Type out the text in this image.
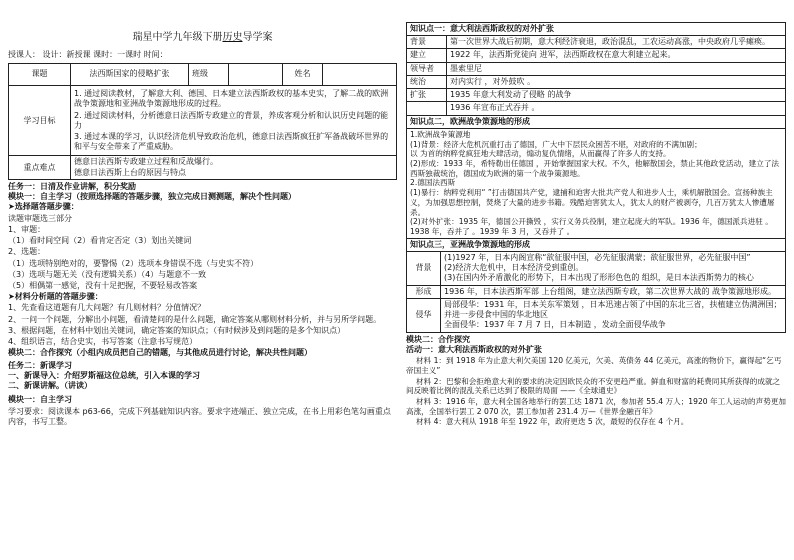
瑞星中学九年级下册历史导学案
授课人： 设计：新授课 课时：一课时 时间：
课题	法西斯国家的侵略扩张	班级		姓名	
学习目标	1. 通过阅读教材，了解意大利、德国、日本建立法西斯政权的基本史实，了解二战的欧洲战争策源地和亚洲战争策源地形成的过程。
2. 通过阅读材料，分析德意日法西斯专政建立的背景，养成客观分析和认识历史问题的能力
3. 通过本课的学习，认识经济危机导致政治危机，德意日法西斯疯狂扩军备战破坏世界的和平与安全带来了严重威胁。				

重点难点	德意日法西斯专政建立过程和反战爆行。
德意日法西斯上台的原因与特点				
任务一：日清及作业讲解，积分奖励
模块一：自主学习（按照选择题的答题步骤，独立完成日测测题，解决个性问题）
➤选择题答题步骤：
读题审题选三部分
1、审题：
（1）看时间空间（2）看肯定否定（3）划出关键词
2、选题：
（1）选项特别绝对的，要警惕（2）选项本身错误不选（与史实不符）
（3）选项与题无关（没有逻辑关系）（4）与题意不一致
（5）相偶第一感觉，没有十足把握，不要轻易改答案
➤材料分析题的答题步骤：
1、先查看这道题有几大问题？有几则材料？分值情况？
2、一问一个问题，分解出小问题，看清楚问的是什么问题，确定答案从哪则材料分析，并与另所学问题。
3、根据问题，在材料中划出关键词，确定答案的知识点；（有时候涉及到问题的是多个知识点）
4、组织语言，结合史实，书写答案（注意书写规范）
模块二：合作探究（小组内成员把自己的错题，与其他成员进行讨论，解决共性问题）
任务二：新课学习
一、新课导入：介绍罗斯福这位总统，引入本课的学习
二、新课讲解。（讲读）
模块一：自主学习
学习要求：阅读课本 p63-66，完成下列基础知识内容。要求字迹端正、独立完成，在书上用彩色笔勾画重点内容，书写工整。
知识点一：意大利法西斯政权的对外扩张	
背景	第一次世界大战后初期，意大利经济衰退，政治混乱，工农运动高涨，中央政府几乎瘫痪。
建立	1922 年，法西斯党徒向 进军，法西斯政权在意大利建立起来。
领导者	墨索里尼
统治	对内实行 ，对外鼓吹 。
扩张	1935 年意大利发动了侵略 的战争
	1936 年宣布正式吞并 。
知识点二，欧洲战争策源地的形成
1.欧洲战争策源地
(1)背景：经济大危机沉重打击了德国，广大中下层民众困苦不堪，对政府的不满加剧；
以 为首的纳粹党疯狂地大肆活动，煽动复仇情绪，从而赢得了许多人的支持。
(2)形成：1933 年，希特勒出任德国 ，开始掌握国家大权。不久，他解散国会，禁止其他政党活动，建立了法西斯独裁统治，德国成为欧洲的第一个战争策源地。
2.德国法西斯
(1)暴行：纳粹党利用“ ”打击德国共产党，逮捕和迫害大批共产党人和进步人士，乘机解散国会。宣扬种族主义，为加强思想控制，焚烧了大量的进步书籍。残酷迫害犹太人，犹太人的财产被剥夺，几百万犹太人惨遭屠杀。
(2)对外扩张：1935 年，德国公开撕毁 ，实行义务兵役制，建立起庞大的军队。1936 年，德国派兵进驻 。1938 年，吞并了 。1939 年 3 月，又吞并了 。
知识点三，亚洲战争策源地的形成	
背景	(1)1927 年，日本内阁宣称“欲征服中国，必先征服满蒙；欲征服世界，必先征服中国”
(2)经济大危机中，日本经济受到重创。
(3)在国内外矛盾激化的形势下，日本出现了形形色色的 组织，是日本法西斯势力的核心
形成	1936 年，日本法西斯军部 上台组阁，建立法西斯专政，第二次世界大战的 战争策源地形成。
侵华	局部侵华：1931 年，日本关东军策划 ，日本迅速占领了中国的东北三省，扶植建立伪满洲国；并进一步侵食中国的华北地区
全面侵华：1937 年 7 月 7 日，日本制造 ，发动全面侵华战争
模块二：合作探究
活动一：意大利法西斯政权的对外扩张
材料 1：到 1918 年为止意大利欠美国 120 亿美元，欠美、英债务 44 亿美元，高涨的物价下，赢得起“乞丐帝国主义”
材料 2：巴黎和会拒绝意大利的要求的决定因欧民众的不安更趋严重。鲜血和财富的耗费同其所获得的成就之间反映着比例的混乱关系已达到了极限的局面 ——《全球通史》
材料 3：1916 年，意大利全国各地举行的罢工达 1871 次，参加者 55.4 万人；1920 年工人运动的声势更加高涨，全国举行罢工 2 070 次，罢工参加者 231.4 万—《世界金融百年》
材料 4：意大利从 1918 年至 1922 年，政府更迭 5 次，最短的仅存在 4 个月。
